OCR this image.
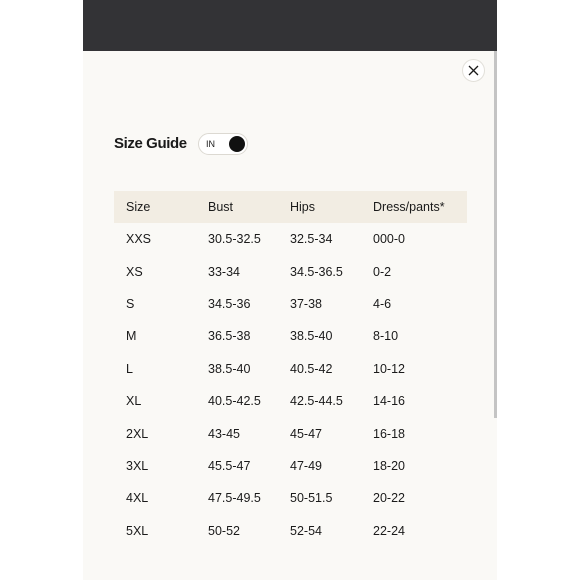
Size Guide IN
Size	Bust	Hips	Dress/pants*
XXS	30.5-32.5	32.5-34	000-0
XS	33-34	34.5-36.5	0-2
S	34.5-36	37-38	4-6
M	36.5-38	38.5-40	8-10
L	38.5-40	40.5-42	10-12
XL	40.5-42.5	42.5-44.5	14-16
2XL	43-45	45-47	16-18
3XL	45.5-47	47-49	18-20
4XL	47.5-49.5	50-51.5	20-22
5XL	50-52	52-54	22-24
